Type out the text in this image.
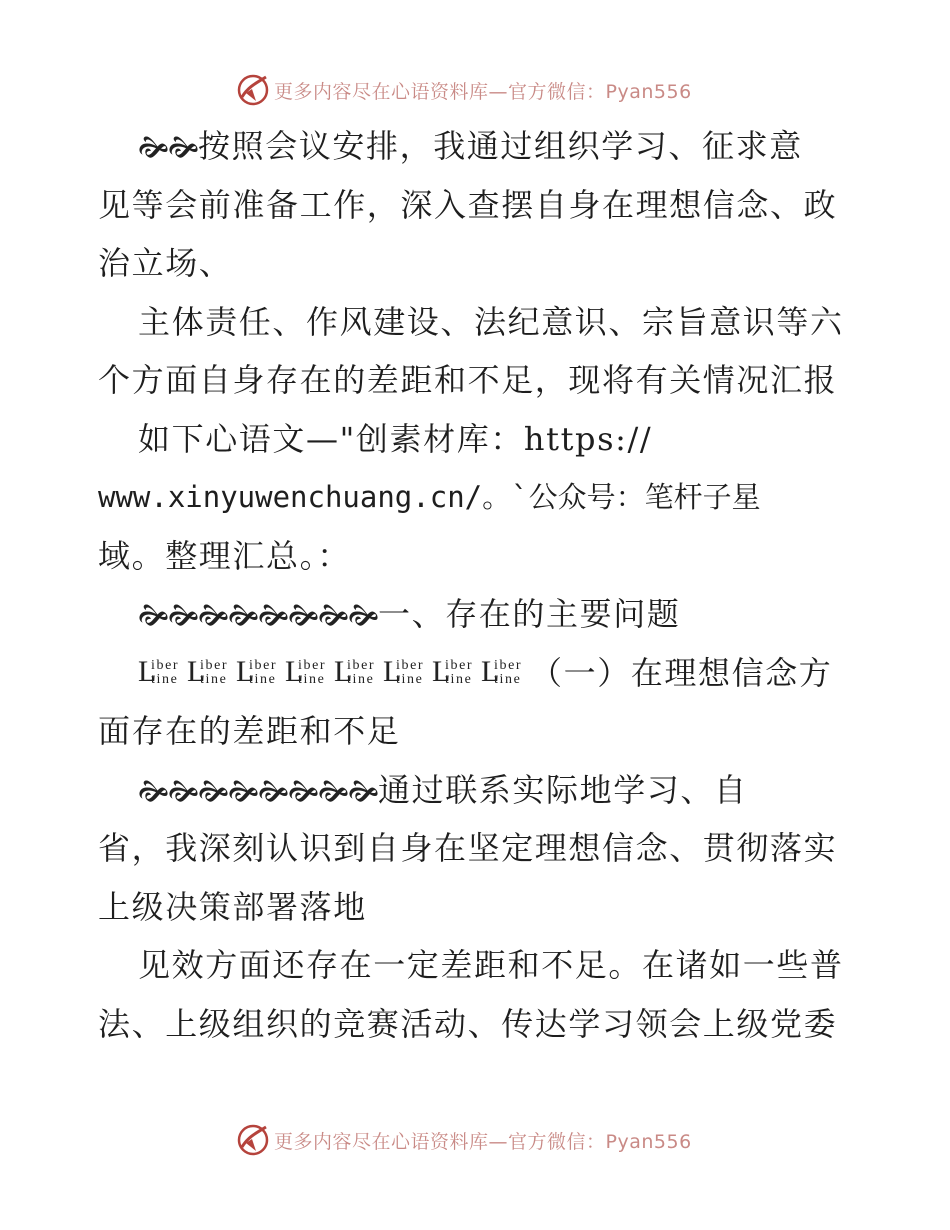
更多内容尽在心语资料库—官方微信：Pyan556
🙞🙞按照会议安排，我通过组织学习、征求意
见等会前准备工作，深入查摆自身在理想信念、政
治立场、
主体责任、作风建设、法纪意识、宗旨意识等六
个方面自身存在的差距和不足，现将有关情况汇报
如下心语文—"创素材库：https://
www.xinyuwenchuang.cn/。`公众号：笔杆子星
域。整理汇总。：
🙞🙞🙞🙞🙞🙞🙞🙞一、存在的主要问题
L
iber
tine L
iber
tine L
iber
tine L
iber
tine L
iber
tine L
iber
tine L
iber
tine L
iber
tine （一）在理想信念方
面存在的差距和不足
🙞🙞🙞🙞🙞🙞🙞🙞通过联系实际地学习、自
省，我深刻认识到自身在坚定理想信念、贯彻落实
上级决策部署落地
见效方面还存在一定差距和不足。在诸如一些普
法、上级组织的竞赛活动、传达学习领会上级党委
更多内容尽在心语资料库—官方微信：Pyan556
